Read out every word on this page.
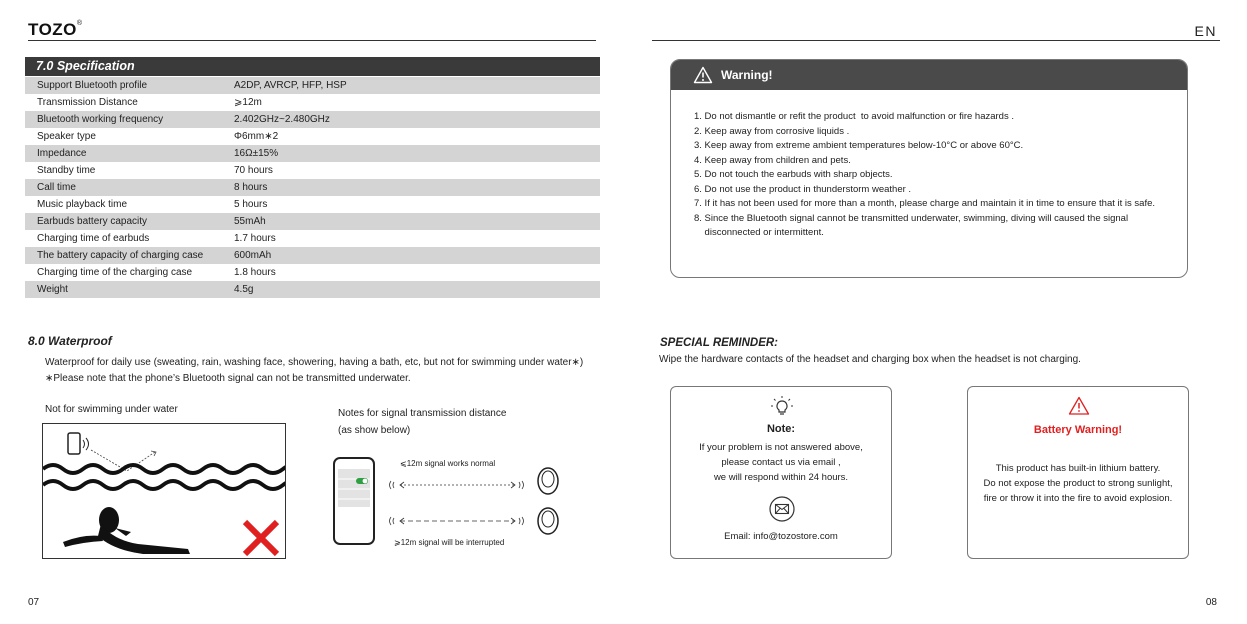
TOZO®
7.0 Specification
Support Bluetooth profile	A2DP, AVRCP, HFP, HSP
Transmission Distance	⩾12m
Bluetooth working frequency	2.402GHz~2.480GHz
Speaker type	Φ6mm∗2
Impedance	16Ω±15%
Standby time	70 hours
Call time	8 hours
Music playback time	5 hours
Earbuds battery capacity	55mAh
Charging time of earbuds	1.7 hours
The battery capacity of charging case	600mAh
Charging time of the charging case	1.8 hours
Weight	4.5g
8.0 Waterproof
Waterproof for daily use (sweating, rain, washing face, showering, having a bath, etc, but not for swimming under water∗)
∗Please note that the phone’s Bluetooth signal can not be transmitted underwater.
Not for swimming under water	Notes for signal transmission distance
(as show below)
⩽12m signal works normal
⩾12m signal will be interrupted
07
EN
Warning!
1. Do not dismantle or refit the product  to avoid malfunction or fire hazards .
2. Keep away from corrosive liquids .
3. Keep away from extreme ambient temperatures below-10°C or above 60°C.
4. Keep away from children and pets.
5. Do not touch the earbuds with sharp objects.
6. Do not use the product in thunderstorm weather .
7. If it has not been used for more than a month, please charge and maintain it in time to ensure that it is safe.
8. Since the Bluetooth signal cannot be transmitted underwater, swimming, diving will caused the signal
disconnected or intermittent.
SPECIAL REMINDER:
Wipe the hardware contacts of the headset and charging box when the headset is not charging.
Note:
If your problem is not answered above,
please contact us via email ,
we will respond within 24 hours.
Email: info@tozostore.com
Battery Warning!
This product has built-in lithium battery.
Do not expose the product to strong sunlight,
fire or throw it into the fire to avoid explosion.
08
